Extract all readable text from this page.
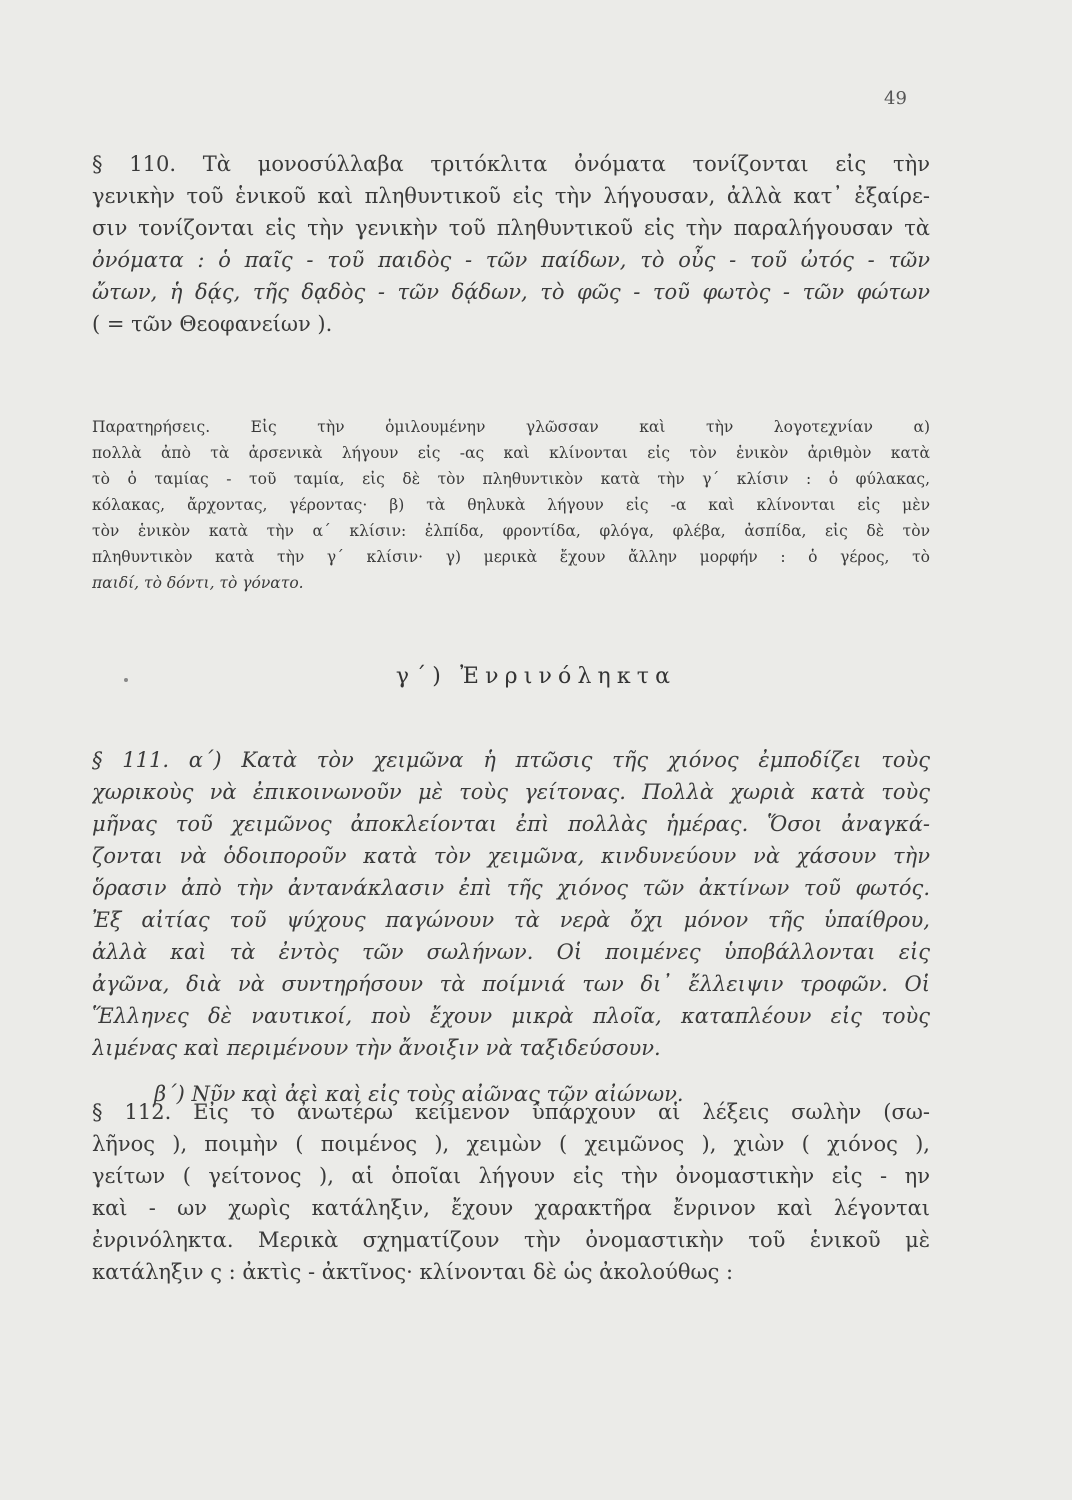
49
§ 110. Τὰ μονοσύλλαβα τριτόκλιτα ὀνόματα τονίζονται εἰς τὴν
γενικὴν τοῦ ἑνικοῦ καὶ πληθυντικοῦ εἰς τὴν λήγουσαν, ἀλλὰ κατ᾽ ἐξαίρε-
σιν τονίζονται εἰς τὴν γενικὴν τοῦ πληθυντικοῦ εἰς τὴν παραλήγουσαν τὰ
ὀνόματα : ὁ παῖς - τοῦ παιδὸς - τῶν παίδων, τὸ οὖς - τοῦ ὠτός - τῶν
ὤτων, ἡ δᾴς, τῆς δᾳδὸς - τῶν δᾴδων, τὸ φῶς - τοῦ φωτὸς - τῶν φώτων
( = τῶν Θεοφανείων ).
Παρατηρήσεις. Εἰς τὴν ὁμιλουμένην γλῶσσαν καὶ τὴν λογοτεχνίαν α)
πολλὰ ἀπὸ τὰ ἀρσενικὰ λήγουν εἰς -ας καὶ κλίνονται εἰς τὸν ἑνικὸν ἀριθμὸν κατὰ
τὸ ὁ ταμίας - τοῦ ταμία, εἰς δὲ τὸν πληθυντικὸν κατὰ τὴν γ´ κλίσιν : ὁ φύλακας,
κόλακας, ἄρχοντας, γέροντας· β) τὰ θηλυκὰ λήγουν εἰς -α καὶ κλίνονται εἰς μὲν
τὸν ἑνικὸν κατὰ τὴν α´ κλίσιν: ἐλπίδα, φροντίδα, φλόγα, φλέβα, ἀσπίδα, εἰς δὲ τὸν
πληθυντικὸν κατὰ τὴν γ´ κλίσιν· γ) μερικὰ ἔχουν ἄλλην μορφήν : ὁ γέρος, τὸ
παιδί, τὸ δόντι, τὸ γόνατο.
γ´) Ἐνρινόληκτα
§ 111. α´) Κατὰ τὸν χειμῶνα ἡ πτῶσις τῆς χιόνος ἐμποδίζει τοὺς
χωρικοὺς νὰ ἐπικοινωνοῦν μὲ τοὺς γείτονας. Πολλὰ χωριὰ κατὰ τοὺς
μῆνας τοῦ χειμῶνος ἀποκλείονται ἐπὶ πολλὰς ἡμέρας. Ὅσοι ἀναγκά-
ζονται νὰ ὁδοιποροῦν κατὰ τὸν χειμῶνα, κινδυνεύουν νὰ χάσουν τὴν
ὅρασιν ἀπὸ τὴν ἀντανάκλασιν ἐπὶ τῆς χιόνος τῶν ἀκτίνων τοῦ φωτός.
Ἐξ αἰτίας τοῦ ψύχους παγώνουν τὰ νερὰ ὄχι μόνον τῆς ὑπαίθρου,
ἀλλὰ καὶ τὰ ἐντὸς τῶν σωλήνων. Οἱ ποιμένες ὑποβάλλονται εἰς
ἀγῶνα, διὰ νὰ συντηρήσουν τὰ ποίμνιά των δι᾽ ἔλλειψιν τροφῶν. Οἱ
Ἕλληνες δὲ ναυτικοί, ποὺ ἔχουν μικρὰ πλοῖα, καταπλέουν εἰς τοὺς
λιμένας καὶ περιμένουν τὴν ἄνοιξιν νὰ ταξιδεύσουν.
β´) Νῦν καὶ ἀεὶ καὶ εἰς τοὺς αἰῶνας τῶν αἰώνων.
§ 112. Εἰς τὸ ἀνωτέρω κείμενον ὑπάρχουν αἱ λέξεις σωλὴν (σω-
λῆνος ), ποιμὴν ( ποιμένος ), χειμὼν ( χειμῶνος ), χιὼν ( χιόνος ),
γείτων ( γείτονος ), αἱ ὁποῖαι λήγουν εἰς τὴν ὀνομαστικὴν εἰς - ην
καὶ - ων χωρὶς κατάληξιν, ἔχουν χαρακτῆρα ἔνρινον καὶ λέγονται
ἐνρινόληκτα. Μερικὰ σχηματίζουν τὴν ὀνομαστικὴν τοῦ ἑνικοῦ μὲ
κατάληξιν ς : ἀκτὶς - ἀκτῖνος· κλίνονται δὲ ὡς ἀκολούθως :
